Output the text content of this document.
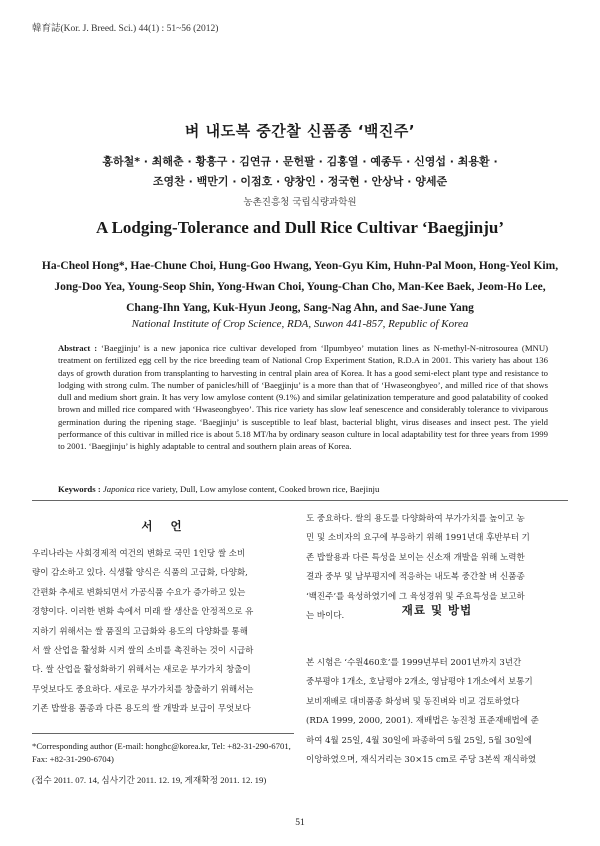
韓育誌(Kor. J. Breed. Sci.) 44(1) : 51~56 (2012)
벼 내도복 중간찰 신품종 ‘백진주’
홍하철* · 최해춘 · 황흥구 · 김연규 · 문헌팔 · 김홍열 · 예종두 · 신영섭 · 최용환 ·
조영찬 · 백만기 · 이점호 · 양창인 · 정국현 · 안상낙 · 양세준
농촌진흥청 국립식량과학원
A Lodging-Tolerance and Dull Rice Cultivar ‘Baegjinju’
Ha-Cheol Hong*, Hae-Chune Choi, Hung-Goo Hwang, Yeon-Gyu Kim, Huhn-Pal Moon, Hong-Yeol Kim,
Jong-Doo Yea, Young-Seop Shin, Yong-Hwan Choi, Young-Chan Cho, Man-Kee Baek, Jeom-Ho Lee,
Chang-Ihn Yang, Kuk-Hyun Jeong, Sang-Nag Ahn, and Sae-June Yang
National Institute of Crop Science, RDA, Suwon 441-857, Republic of Korea
Abstract : ‘Baegjinju’ is a new japonica rice cultivar developed from ‘Ilpumbyeo’ mutation lines as N-methyl-N-nitrosourea (MNU) treatment on fertilized egg cell by the rice breeding team of National Crop Experiment Station, R.D.A in 2001. This variety has about 136 days of growth duration from transplanting to harvesting in central plain area of Korea. It has a good semi-elect plant type and resistance to lodging with strong culm. The number of panicles/hill of ‘Baegjinju’ is a more than that of ‘Hwaseongbyeo’, and milled rice of that shows dull and medium short grain. It has very low amylose content (9.1%) and similar gelatinization temperature and good palatability of cooked brown and milled rice compared with ‘Hwaseongbyeo’. This rice variety has slow leaf senescence and considerably tolerance to viviparous germination during the ripening stage. ‘Baegjinju’ is susceptible to leaf blast, bacterial blight, virus diseases and insect pest. The yield performance of this cultivar in milled rice is about 5.18 MT/ha by ordinary season culture in local adaptability test for three years from 1999 to 2001. ‘Baegjinju’ is highly adaptable to central and southern plain areas of Korea.
Keywords : Japonica rice variety, Dull, Low amylose content, Cooked brown rice, Baejinju
서 언

우리나라는 사회경제적 여건의 변화로 국민 1인당 쌀 소비

량이 감소하고 있다. 식생활 양식은 식품의 고급화, 다양화,

간편화 추세로 변화되면서 가공식품 수요가 증가하고 있는

경향이다. 이러한 변화 속에서 미래 쌀 생산을 안정적으로 유

지하기 위해서는 쌀 품질의 고급화와 용도의 다양화를 통해

서 쌀 산업을 활성화 시켜 쌀의 소비를 촉진하는 것이 시급하

다. 쌀 산업을 활성화하기 위해서는 새로운 부가가치 창출이

무엇보다도 중요하다. 새로운 부가가치를 창출하기 위해서는

기존 밥쌀용 품종과 다른 용도의 쌀 개발과 보급이 무엇보다

도 중요하다. 쌀의 용도를 다양화하여 부가가치를 높이고 농

민 및 소비자의 요구에 부응하기 위해 1991년대 후반부터 기

존 밥쌀용과 다른 특성을 보이는 신소재 개발을 위해 노력한

결과 중부 및 남부평지에 적응하는 내도복 중간찰 벼 신품종

‘백진주’를 육성하였기에 그 육성경위 및 주요특성을 보고하

는 바이다.	재료 및 방법

본 시험은 ‘수원460호’를 1999년부터 2001년까지 3년간

중부평야 1개소, 호남평야 2개소, 영남평야 1개소에서 보통기

보비재배로 대비품종 화성벼 및 동진벼와 비교 검토하였다

(RDA 1999, 2000, 2001). 재배법은 농진청 표준재배법에 준

하여 4월 25일, 4월 30일에 파종하여 5월 25일, 5월 30일에

이앙하였으며, 재식거리는 30×15 cm로 주당 3본씩 재식하였

*Corresponding author (E-mail: honghc@korea.kr, Tel: +82-31-290-6701, Fax: +82-31-290-6704)
(접수 2011. 07. 14, 심사기간 2011. 12. 19, 게재확정 2011. 12. 19)
51
